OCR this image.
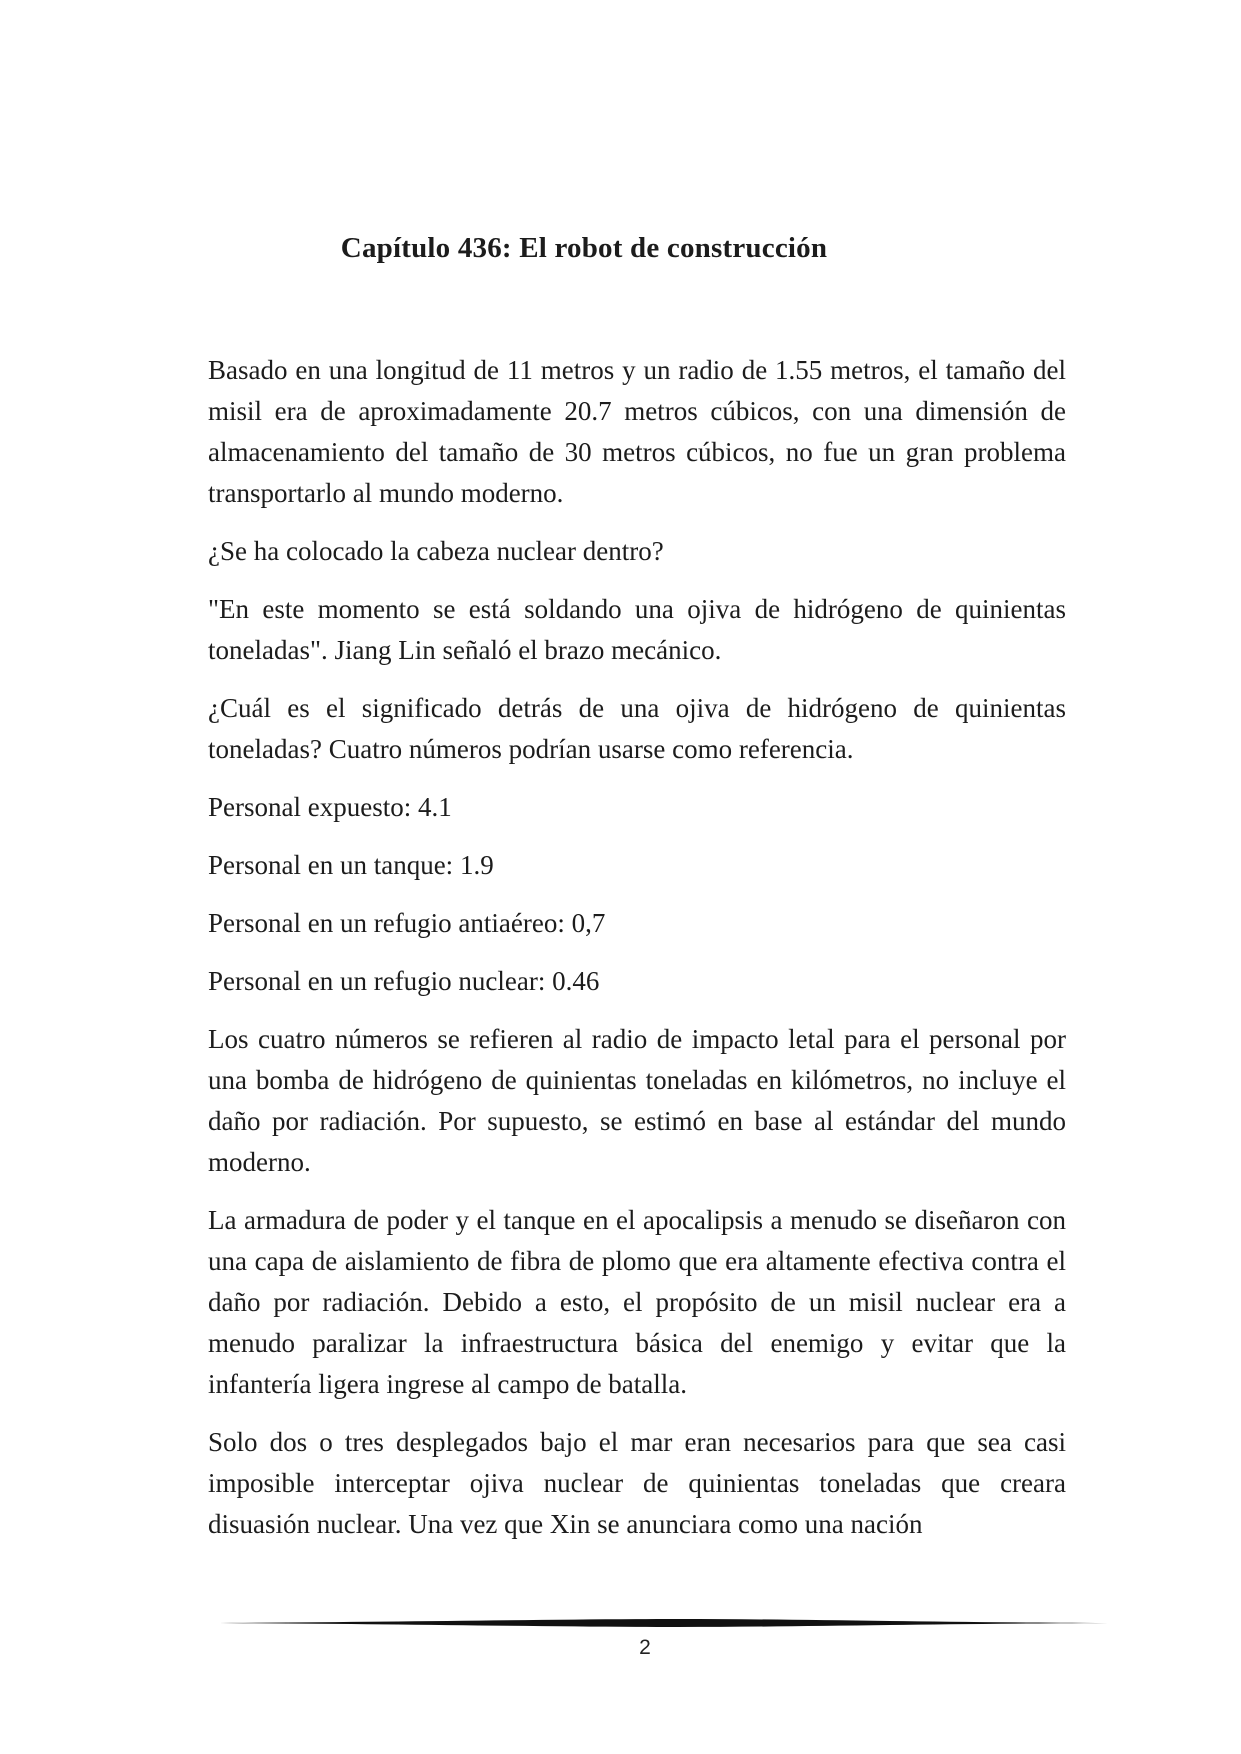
Capítulo 436: El robot de construcción

Basado en una longitud de 11 metros y un radio de 1.55 metros, el tamaño del misil era de aproximadamente 20.7 metros cúbicos, con una dimensión de almacenamiento del tamaño de 30 metros cúbicos, no fue un gran problema transportarlo al mundo moderno.

¿Se ha colocado la cabeza nuclear dentro?

"En este momento se está soldando una ojiva de hidrógeno de quinientas toneladas". Jiang Lin señaló el brazo mecánico.

¿Cuál es el significado detrás de una ojiva de hidrógeno de quinientas toneladas? Cuatro números podrían usarse como referencia.

Personal expuesto: 4.1

Personal en un tanque: 1.9

Personal en un refugio antiaéreo: 0,7

Personal en un refugio nuclear: 0.46

Los cuatro números se refieren al radio de impacto letal para el personal por una bomba de hidrógeno de quinientas toneladas en kilómetros, no incluye el daño por radiación. Por supuesto, se estimó en base al estándar del mundo moderno.

La armadura de poder y el tanque en el apocalipsis a menudo se diseñaron con una capa de aislamiento de fibra de plomo que era altamente efectiva contra el daño por radiación. Debido a esto, el propósito de un misil nuclear era a menudo paralizar la infraestructura básica del enemigo y evitar que la infantería ligera ingrese al campo de batalla.

Solo dos o tres desplegados bajo el mar eran necesarios para que sea casi imposible interceptar ojiva nuclear de quinientas toneladas que creara disuasión nuclear. Una vez que Xin se anunciara como una nación

2
